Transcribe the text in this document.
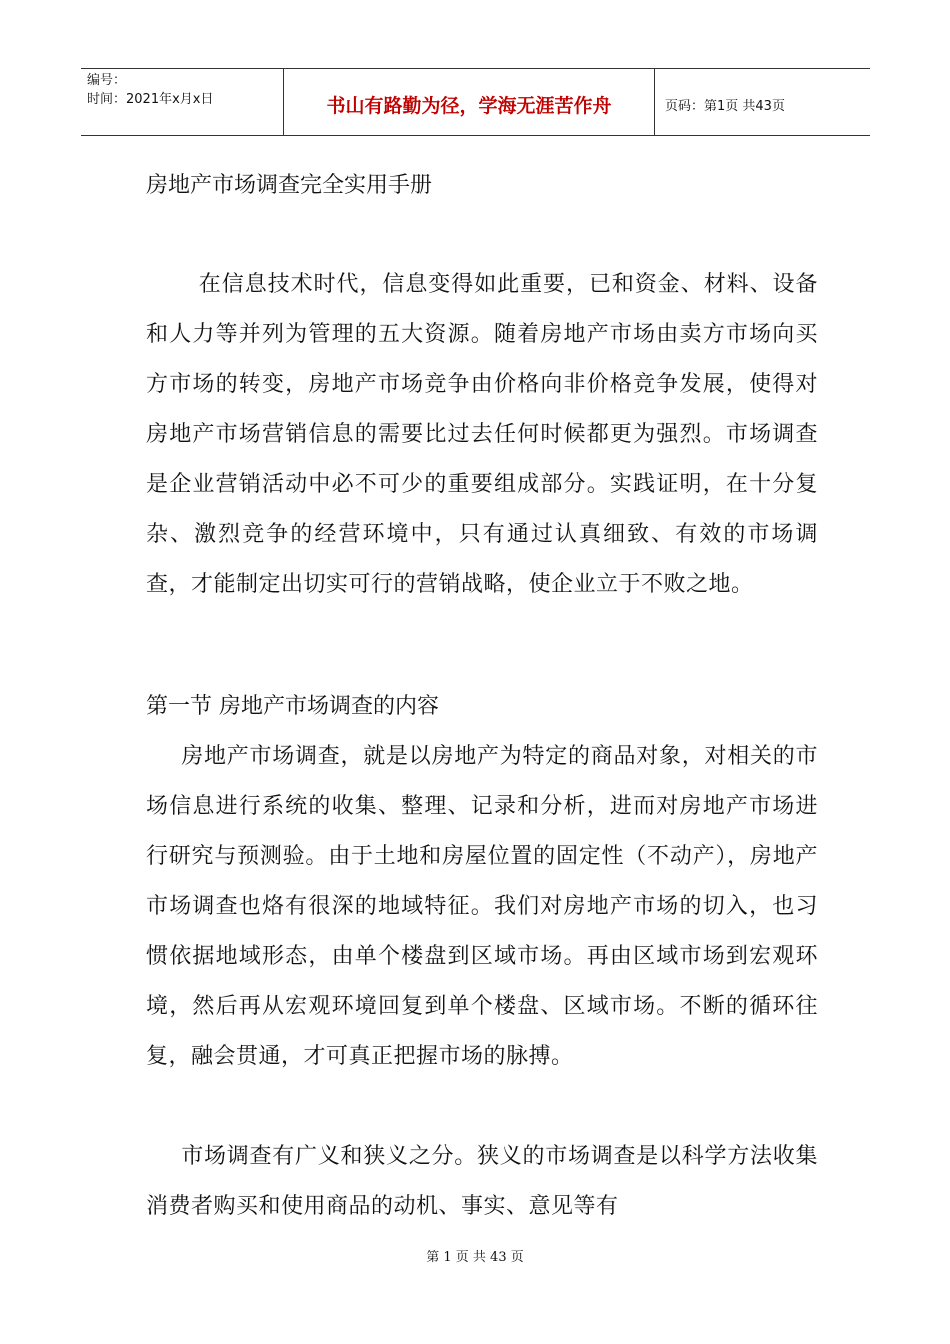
编号：
时间：2021年x月x日	书山有路勤为径，学海无涯苦作舟	页码：第1页 共43页
房地产市场调查完全实用手册

在信息技术时代，信息变得如此重要，已和资金、材料、设备和人力等并列为管理的五大资源。随着房地产市场由卖方市场向买方市场的转变，房地产市场竞争由价格向非价格竞争发展，使得对房地产市场营销信息的需要比过去任何时候都更为强烈。市场调查是企业营销活动中必不可少的重要组成部分。实践证明，在十分复杂、激烈竞争的经营环境中，只有通过认真细致、有效的市场调查，才能制定出切实可行的营销战略，使企业立于不败之地。

第一节 房地产市场调查的内容

房地产市场调查，就是以房地产为特定的商品对象，对相关的市场信息进行系统的收集、整理、记录和分析，进而对房地产市场进行研究与预测验。由于土地和房屋位置的固定性（不动产），房地产市场调查也烙有很深的地域特征。我们对房地产市场的切入，也习惯依据地域形态，由单个楼盘到区域市场。再由区域市场到宏观环境，然后再从宏观环境回复到单个楼盘、区域市场。不断的循环往复，融会贯通，才可真正把握市场的脉搏。

市场调查有广义和狭义之分。狭义的市场调查是以科学方法收集消费者购买和使用商品的动机、事实、意见等有

第 1 页 共 43 页
